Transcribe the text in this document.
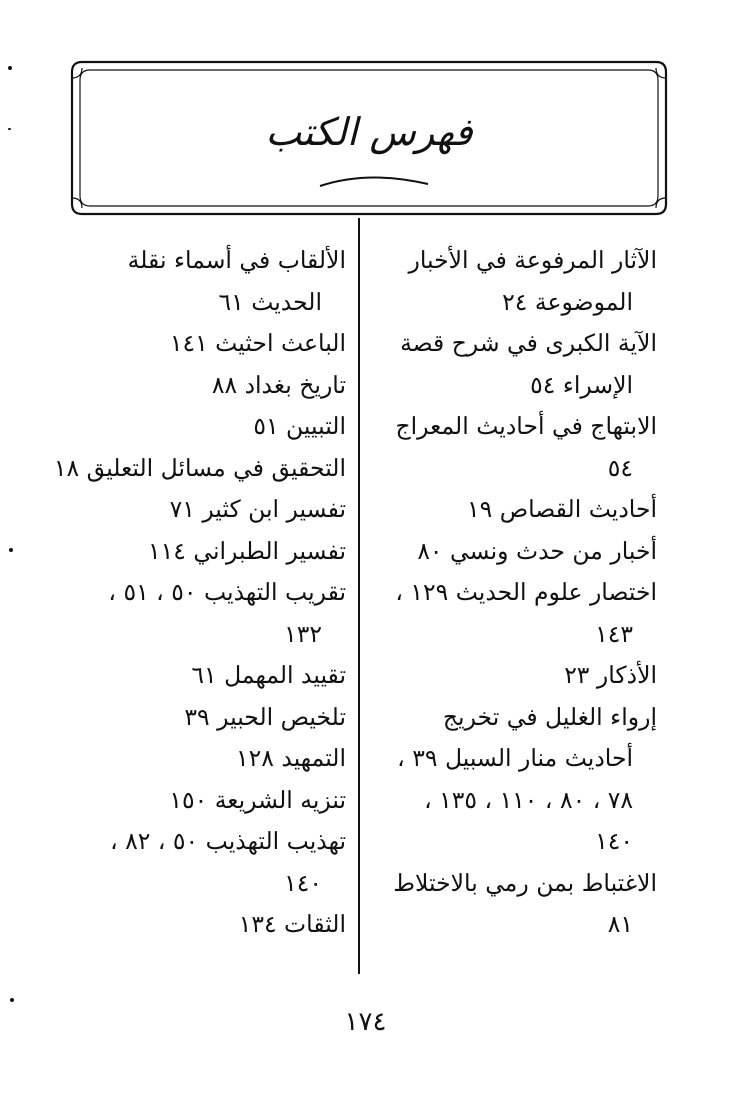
فهرس الكتب
الآثار المرفوعة في الأخبار
الموضوعة ٢٤
الآية الكبرى في شرح قصة
الإسراء ٥٤
الابتهاج في أحاديث المعراج
٥٤
أحاديث القصاص ١٩
أخبار من حدث ونسي ٨٠
اختصار علوم الحديث ١٢٩ ،
١٤٣
الأذكار ٢٣
إرواء الغليل في تخريج
أحاديث منار السبيل ٣٩ ،
٧٨ ، ٨٠ ، ١١٠ ، ١٣٥ ،
١٤٠
الاغتباط بمن رمي بالاختلاط
٨١
الألقاب في أسماء نقلة
الحديث ٦١
الباعث احثيث ١٤١
تاريخ بغداد ٨٨
التبيين ٥١
التحقيق في مسائل التعليق ١٨
تفسير ابن كثير ٧١
تفسير الطبراني ١١٤
تقريب التهذيب ٥٠ ، ٥١ ،
١٣٢
تقييد المهمل ٦١
تلخيص الحبير ٣٩
التمهيد ١٢٨
تنزيه الشريعة ١٥٠
تهذيب التهذيب ٥٠ ، ٨٢ ،
١٤٠
الثقات ١٣٤
١٧٤
